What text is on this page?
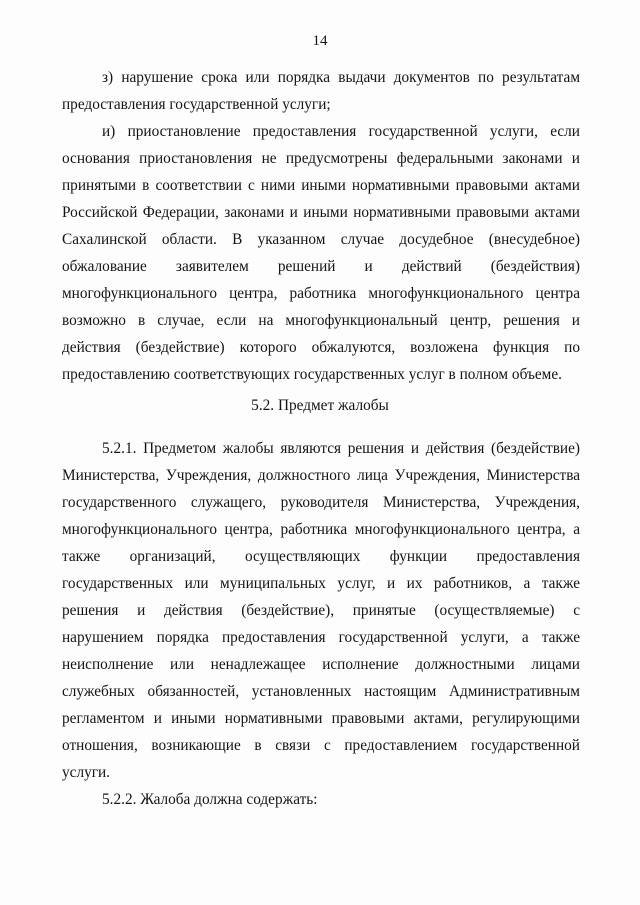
14
з) нарушение срока или порядка выдачи документов по результатам
предоставления государственной услуги;
и) приостановление предоставления государственной услуги, если
основания приостановления не предусмотрены федеральными законами и
принятыми в соответствии с ними иными нормативными правовыми актами
Российской Федерации, законами и иными нормативными правовыми актами
Сахалинской области. В указанном случае досудебное (внесудебное)
обжалование заявителем решений и действий (бездействия)
многофункционального центра, работника многофункционального центра
возможно в случае, если на многофункциональный центр, решения и
действия (бездействие) которого обжалуются, возложена функция по
предоставлению соответствующих государственных услуг в полном объеме.
5.2. Предмет жалобы
5.2.1. Предметом жалобы являются решения и действия (бездействие)
Министерства, Учреждения, должностного лица Учреждения, Министерства
государственного служащего, руководителя Министерства, Учреждения,
многофункционального центра, работника многофункционального центра, а
также организаций, осуществляющих функции предоставления
государственных или муниципальных услуг, и их работников, а также
решения и действия (бездействие), принятые (осуществляемые) с
нарушением порядка предоставления государственной услуги, а также
неисполнение или ненадлежащее исполнение должностными лицами
служебных обязанностей, установленных настоящим Административным
регламентом и иными нормативными правовыми актами, регулирующими
отношения, возникающие в связи с предоставлением государственной
услуги.
5.2.2. Жалоба должна содержать:
